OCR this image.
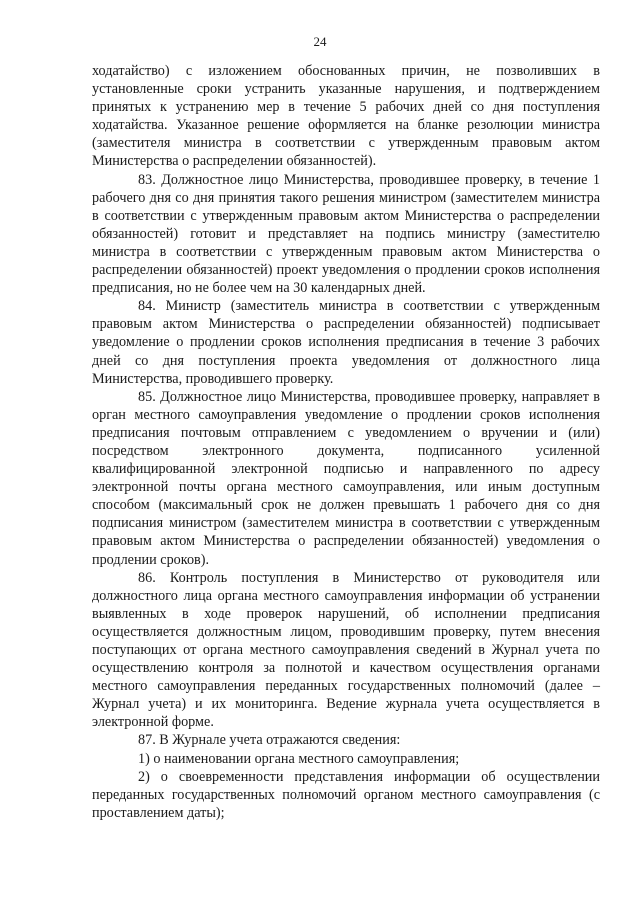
24

ходатайство) с изложением обоснованных причин, не позволивших в установленные сроки устранить указанные нарушения, и подтверждением принятых к устранению мер в течение 5 рабочих дней со дня поступления ходатайства. Указанное решение оформляется на бланке резолюции министра (заместителя министра в соответствии с утвержденным правовым актом Министерства о распределении обязанностей).

83. Должностное лицо Министерства, проводившее проверку, в течение 1 рабочего дня со дня принятия такого решения министром (заместителем министра в соответствии с утвержденным правовым актом Министерства о распределении обязанностей) готовит и представляет на подпись министру (заместителю министра в соответствии с утвержденным правовым актом Министерства о распределении обязанностей) проект уведомления о продлении сроков исполнения предписания, но не более чем на 30 календарных дней.

84. Министр (заместитель министра в соответствии с утвержденным правовым актом Министерства о распределении обязанностей) подписывает уведомление о продлении сроков исполнения предписания в течение 3 рабочих дней со дня поступления проекта уведомления от должностного лица Министерства, проводившего проверку.

85. Должностное лицо Министерства, проводившее проверку, направляет в орган местного самоуправления уведомление о продлении сроков исполнения предписания почтовым отправлением с уведомлением о вручении и (или) посредством электронного документа, подписанного усиленной квалифицированной электронной подписью и направленного по адресу электронной почты органа местного самоуправления, или иным доступным способом (максимальный срок не должен превышать 1 рабочего дня со дня подписания министром (заместителем министра в соответствии с утвержденным правовым актом Министерства о распределении обязанностей) уведомления о продлении сроков).

86. Контроль поступления в Министерство от руководителя или должностного лица органа местного самоуправления информации об устранении выявленных в ходе проверок нарушений, об исполнении предписания осуществляется должностным лицом, проводившим проверку, путем внесения поступающих от органа местного самоуправления сведений в Журнал учета по осуществлению контроля за полнотой и качеством осуществления органами местного самоуправления переданных государственных полномочий (далее – Журнал учета) и их мониторинга. Ведение журнала учета осуществляется в электронной форме.

87. В Журнале учета отражаются сведения:

1) о наименовании органа местного самоуправления;

2) о своевременности представления информации об осуществлении переданных государственных полномочий органом местного самоуправления (с проставлением даты);
